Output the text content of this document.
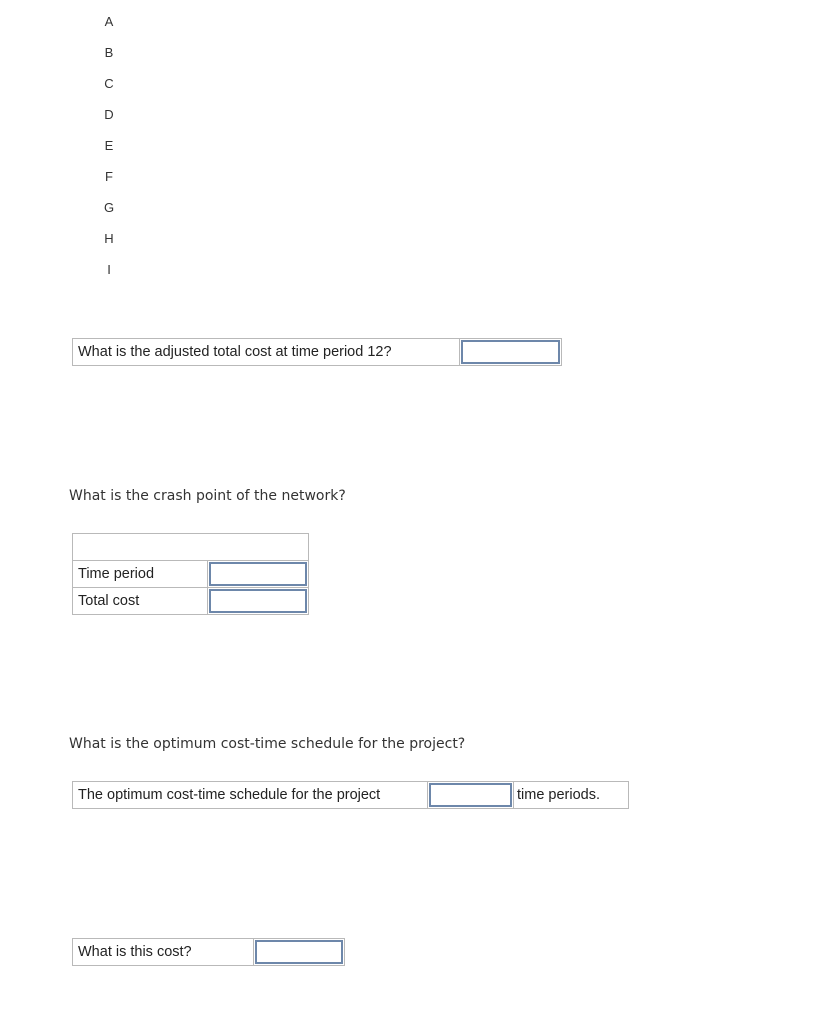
A
B
C
D
E
F
G
H
I
What is the adjusted total cost at time period 12?	

What is the crash point of the network?

Time period	

Total cost	

What is the optimum cost-time schedule for the project?

The optimum cost-time schedule for the project		time periods.
What is this cost?	
